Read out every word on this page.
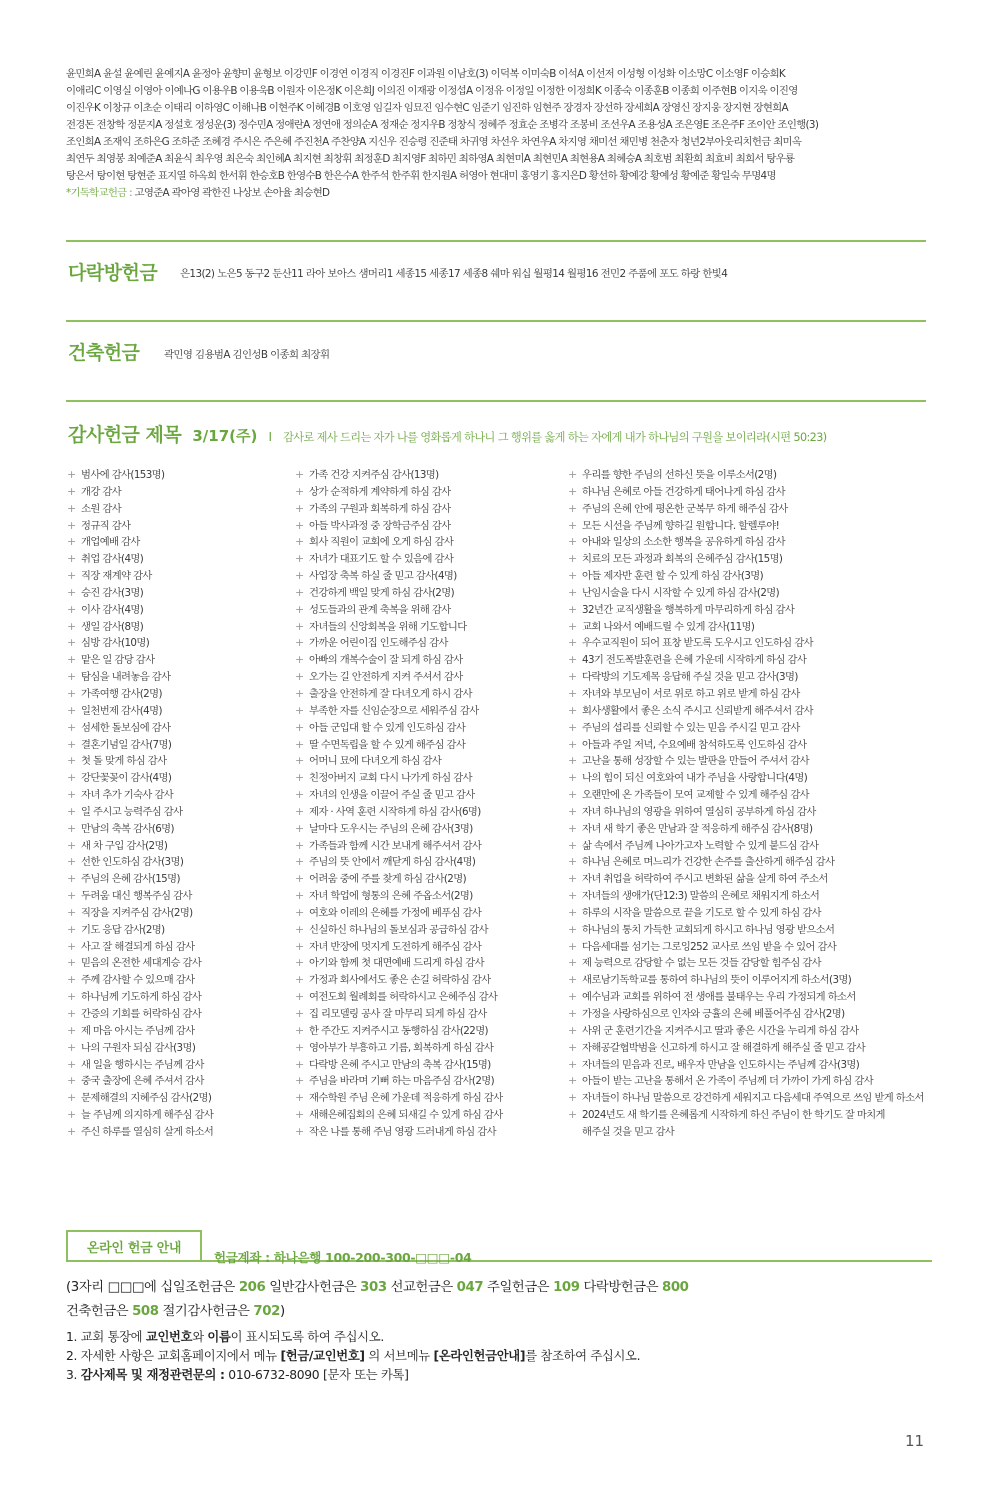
윤민희A 윤설 윤예린 윤예지A 윤정아 윤향미 윤형보 이강민F 이경연 이경직 이경진F 이과원 이남호(3) 이덕복 이미숙B 이석A 이선저 이성형 이성화 이소망C 이소영F 이승희K
이애리C 이영실 이영아 이예나G 이용우B 이용욱B 이원자 이은정K 이은희J 이의진 이재광 이정섭A 이정유 이정일 이정한 이정희K 이종숙 이종훈B 이종희 이주현B 이지욱 이진영
이진우K 이창규 이초순 이태리 이하영C 이해나B 이현주K 이혜경B 이호영 임길자 임묘진 임수현C 임준기 임진하 임현주 장경자 장선하 장세희A 장영신 장지웅 장지현 장현희A
전경돈 전창학 정문지A 정설호 정성운(3) 정수민A 정애란A 정연애 정의순A 정재순 정지우B 정창식 정혜주 정효순 조병각 조봉비 조선우A 조용성A 조은영E 조은주F 조이안 조인행(3)
조인희A 조재익 조하은G 조하준 조혜경 주시은 주은혜 주진천A 주찬양A 지신우 진승령 진준태 차귀영 차선우 차연우A 차지영 채미선 채민병 천춘자 청년2부아웃리치헌금 최미옥
최연두 최영봉 최예준A 최윤식 최우영 최은숙 최인혜A 최지현 최창휘 최정훈D 최지영F 최하민 최하영A 최현미A 최현민A 최현용A 최혜승A 최호범 최환희 최효비 최희서 탕우룡
탕은서 탕이현 탕현준 표지열 하옥희 한서휘 한승호B 한영수B 한은수A 한주석 한주휘 한지원A 허영아 현대미 홍영기 홍지은D 황선하 황예강 황예성 황예준 황일숙 무명4명
*기독학교헌금 : 고영준A 곽아영 곽한진 나상보 손아율 최승현D
다락방헌금 은13(2) 노은5 동구2 둔산11 라아 보아스 샘머리1 세종15 세종17 세종8 쉐마 워십 월평14 월평16 전민2 주품에 포도 하랑 한빛4
건축헌금 곽민영 김용범A 김인성B 이종희 최장휘
감사헌금 제목 3/17(주) I 감사로 제사 드리는 자가 나를 영화롭게 하나니 그 행위를 옳게 하는 자에게 내가 하나님의 구원을 보이리라(시편 50:23)
+ 범사에 감사(153명)
+ 개강 감사
+ 소원 감사
+ 정규직 감사
+ 개업예배 감사
+ 취업 감사(4명)
+ 직장 재계약 감사
+ 승진 감사(3명)
+ 이사 감사(4명)
+ 생일 감사(8명)
+ 심방 감사(10명)
+ 맡은 일 감당 감사
+ 탐심을 내려놓음 감사
+ 가족여행 감사(2명)
+ 일천번제 감사(4명)
+ 섬세한 돌보심에 감사
+ 결혼기념일 감사(7명)
+ 첫 돌 맞게 하심 감사
+ 강단꽃꽂이 감사(4명)
+ 자녀 추가 기숙사 감사
+ 일 주시고 능력주심 감사
+ 만남의 축복 감사(6명)
+ 새 차 구입 감사(2명)
+ 선한 인도하심 감사(3명)
+ 주님의 은혜 감사(15명)
+ 두려움 대신 행복주심 감사
+ 직장을 지켜주심 감사(2명)
+ 기도 응답 감사(2명)
+ 사고 잘 해결되게 하심 감사
+ 믿음의 온전한 세대계승 감사
+ 주께 감사할 수 있으매 감사
+ 하나님께 기도하게 하심 감사
+ 간증의 기회를 허락하심 감사
+ 제 마음 아시는 주님께 감사
+ 나의 구원자 되심 감사(3명)
+ 새 일을 행하시는 주님께 감사
+ 중국 출장에 은혜 주셔서 감사
+ 문제해결의 지혜주심 감사(2명)
+ 늘 주님께 의지하게 해주심 감사
+ 주신 하루를 열심히 살게 하소서
+ 가족 건강 지켜주심 감사(13명)
+ 상가 순적하게 계약하게 하심 감사
+ 가족의 구원과 회복하게 하심 감사
+ 아들 박사과정 중 장학금주심 감사
+ 회사 직원이 교회에 오게 하심 감사
+ 자녀가 대표기도 할 수 있음에 감사
+ 사업장 축복 하실 줄 믿고 감사(4명)
+ 건강하게 백일 맞게 하심 감사(2명)
+ 성도들과의 관계 축복을 위해 감사
+ 자녀들의 신앙회복을 위해 기도합니다
+ 가까운 어린이집 인도해주심 감사
+ 아빠의 개복수술이 잘 되게 하심 감사
+ 오가는 길 안전하게 지켜 주셔서 감사
+ 출장을 안전하게 잘 다녀오게 하시 감사
+ 부족한 자를 신임순장으로 세워주심 감사
+ 아들 군입대 할 수 있게 인도하심 감사
+ 딸 수면독립을 할 수 있게 해주심 감사
+ 어머니 묘에 다녀오게 하심 감사
+ 친정아버지 교회 다시 나가게 하심 감사
+ 자녀의 인생을 이끌어 주실 줄 믿고 감사
+ 제자 · 사역 훈련 시작하게 하심 감사(6명)
+ 날마다 도우시는 주님의 은혜 감사(3명)
+ 가족들과 함께 시간 보내게 해주셔서 감사
+ 주님의 뜻 안에서 깨닫게 하심 감사(4명)
+ 어려움 중에 주를 찾게 하심 감사(2명)
+ 자녀 학업에 형통의 은혜 주옵소서(2명)
+ 여호와 이레의 은혜를 가정에 베푸심 감사
+ 신실하신 하나님의 돌보심과 공급하심 감사
+ 자녀 반장에 멋지게 도전하게 해주심 감사
+ 아기와 함께 첫 대면예배 드리게 하심 감사
+ 가정과 회사에서도 좋은 손길 허락하심 감사
+ 여전도회 월례회를 허락하시고 은혜주심 감사
+ 집 리모델링 공사 잘 마무리 되게 하심 감사
+ 한 주간도 지켜주시고 동행하심 감사(22명)
+ 영아부가 부흥하고 기름, 회복하게 하심 감사
+ 다락방 은혜 주시고 만남의 축복 감사(15명)
+ 주님을 바라며 기뻐 하는 마음주심 감사(2명)
+ 재수학원 주님 은혜 가운데 적응하게 하심 감사
+ 새해은혜집회의 은혜 되새길 수 있게 하심 감사
+ 작은 나를 통해 주님 영광 드러내게 하심 감사
+ 우리를 향한 주님의 선하신 뜻을 이루소서(2명)
+ 하나님 은혜로 아들 건강하게 태어나게 하심 감사
+ 주님의 은혜 안에 평온한 군복무 하게 해주심 감사
+ 모든 시선을 주님께 향하길 원합니다. 할렐루야!
+ 아내와 일상의 소소한 행복을 공유하게 하심 감사
+ 치료의 모든 과정과 회복의 은혜주심 감사(15명)
+ 아들 제자반 훈련 할 수 있게 하심 감사(3명)
+ 난임시술을 다시 시작할 수 있게 하심 감사(2명)
+ 32년간 교직생활을 행복하게 마무리하게 하심 감사
+ 교회 나와서 예배드릴 수 있게 감사(11명)
+ 우수교직원이 되어 표창 받도록 도우시고 인도하심 감사
+ 43기 전도폭발훈련을 은혜 가운데 시작하게 하심 감사
+ 다락방의 기도제목 응답해 주실 것을 믿고 감사(3명)
+ 자녀와 부모님이 서로 위로 하고 위로 받게 하심 감사
+ 회사생활에서 좋은 소식 주시고 신뢰받게 해주셔서 감사
+ 주님의 섭리를 신뢰할 수 있는 믿음 주시길 믿고 감사
+ 아들과 주일 저녁, 수요예배 참석하도록 인도하심 감사
+ 고난을 통해 성장할 수 있는 발판을 만들어 주셔서 감사
+ 나의 힘이 되신 여호와여 내가 주님을 사랑합니다(4명)
+ 오랜만에 온 가족들이 모여 교제할 수 있게 해주심 감사
+ 자녀 하나님의 영광을 위하여 열심히 공부하게 하심 감사
+ 자녀 새 학기 좋은 만남과 잘 적응하게 해주심 감사(8명)
+ 삶 속에서 주님께 나아가고자 노력할 수 있게 붙드심 감사
+ 하나님 은혜로 며느리가 건강한 손주를 출산하게 해주심 감사
+ 자녀 취업을 허락하여 주시고 변화된 삶을 살게 하여 주소서
+ 자녀들의 생애가(단12:3) 말씀의 은혜로 채워지게 하소서
+ 하루의 시작을 말씀으로 끝을 기도로 할 수 있게 하심 감사
+ 하나님의 통치 가득한 교회되게 하시고 하나님 영광 받으소서
+ 다음세대를 섬기는 그로잉252 교사로 쓰임 받을 수 있어 감사
+ 제 능력으로 감당할 수 없는 모든 것들 감당할 힘주심 감사
+ 새로남기독학교를 통하여 하나님의 뜻이 이루어지게 하소서(3명)
+ 예수님과 교회를 위하여 전 생애를 불태우는 우리 가정되게 하소서
+ 가정을 사랑하심으로 인자와 긍휼의 은혜 베풀어주심 감사(2명)
+ 사위 군 훈련기간을 지켜주시고 딸과 좋은 시간을 누리게 하심 감사
+ 자해공갈협박범을 신고하게 하시고 잘 해결하게 해주실 줄 믿고 감사
+ 자녀들의 믿음과 진로, 배우자 만남을 인도하시는 주님께 감사(3명)
+ 아들이 받는 고난을 통해서 온 가족이 주님께 더 가까이 가게 하심 감사
+ 자녀들이 하나님 말씀으로 강건하게 세워지고 다음세대 주역으로 쓰임 받게 하소서
+ 2024년도 새 학기를 은혜롭게 시작하게 하신 주님이 한 학기도 잘 마치게
해주실 것을 믿고 감사
온라인 헌금 안내
헌금계좌 : 하나은행 100-200-300-□□□-04
(3자리 □□□에 십일조헌금은 206 일반감사헌금은 303 선교헌금은 047 주일헌금은 109 다락방헌금은 800
건축헌금은 508 절기감사헌금은 702)
1. 교회 통장에 교인번호와 이름이 표시되도록 하여 주십시오.
2. 자세한 사항은 교회홈페이지에서 메뉴 [헌금/교인번호] 의 서브메뉴 [온라인헌금안내]를 참조하여 주십시오.
3. 감사제목 및 재정관련문의 : 010-6732-8090 [문자 또는 카톡]
11
